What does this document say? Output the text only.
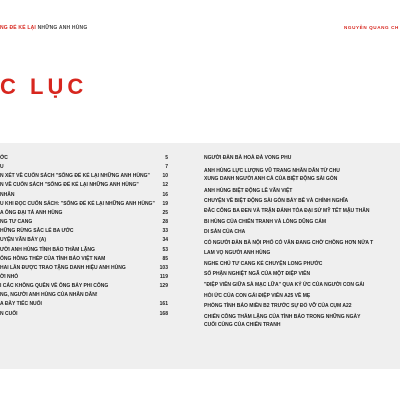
NG ĐỂ KỂ LẠI NHỮNG ANH HÙNG	NGUYỄN QUANG CH
C LỤC
ỚC	5
U	7
N XÉT VỀ CUỐN SÁCH "SỐNG ĐỂ KỂ LẠI NHỮNG ANH HÙNG"	10
N VỀ CUỐN SÁCH "SỐNG ĐỂ KỂ LẠI NHỮNG ANH HÙNG"	12
NHÂN	16
U KHI ĐỌC CUỐN SÁCH: "SỐNG ĐỂ KỂ LẠI NHỮNG ANH HÙNG"	19
A ÔNG ĐẠI TÁ ANH HÙNG	25
NG TƯ CANG	28
HỮNG RỪNG SẮC LẺ BA ƯỚC	33
UYỆN VĂN BẢY (A)	34
ƯỜI ANH HÙNG TÌNH BÁO THẦM LẶNG	53
ỐNG HỒNG THÉP CỦA TÌNH BÁO VIỆT NAM	85
HAI LẦN ĐƯỢC TRAO TẶNG DANH HIỆU ANH HÙNG	103
ỜI NHỎ	119
I CÁC KHÔNG QUÊN VỀ ÔNG BẢY PHI CÔNG	129
NG, NGƯỜI ANH HÙNG CỦA NHÂN DÂN!
A ĐẦY TIẾC NUỐI	161
N CUỐI	168
NGƯỜI ĐÀN BÀ HOÀ ĐÀ VONG PHU
ANH HÙNG LỰC LƯỢNG VŨ TRANG NHÂN DÂN TỪ CHU
XUNG DANH NGƯỜI ANH CẢ CỦA BIỆT ĐỘNG SÀI GÒN
ANH HÙNG BIỆT ĐỘNG LÊ VĂN VIỆT
CHUYỆN VỀ BIỆT ĐỘNG SÀI GÒN BẢY BÊ VÀ CHÍNH NGHĨA
ĐẮC CÔNG BA ĐEN VÀ TRẬN ĐÁNH TÒA ĐẠI SỨ MỸ TẾT MẬU THÂN
BI HÙNG CỦA CHIẾN TRANH VÀ LÒNG DŨNG CẢM
DI SẢN CỦA CHA
CÓ NGƯỜI ĐÀN BÀ NỘI PHỐ CÓ VẪN ĐANG CHỜ CHỒNG HƠN NỬA T
LAM VỌ NGƯỜI ANH HÙNG
NGHE CHÚ TƯ CANG KỂ CHUYỆN LONG PHƯỚC
SỐ PHẬN NGHIỆT NGÃ CỦA MỘT ĐIỆP VIÊN
"ĐIỆP VIÊN GIỮA SÀ MẠC LỮA" QUA KÝ ỨC CỦA NGƯỜI CON GÁI
HỎI ỨC CỦA CON GÁI ĐIỆP VIÊN A25 VỀ MẸ
PHÒNG TÌNH BÁO MIỀN B2 TRƯỚC SỰ ĐỔ VỠ CỦA CỤM A22
CHIẾN CÔNG THẦM LẶNG CỦA TÌNH BÁO TRONG NHỮNG NGÀY
CUỐI CÙNG CỦA CHIẾN TRANH
